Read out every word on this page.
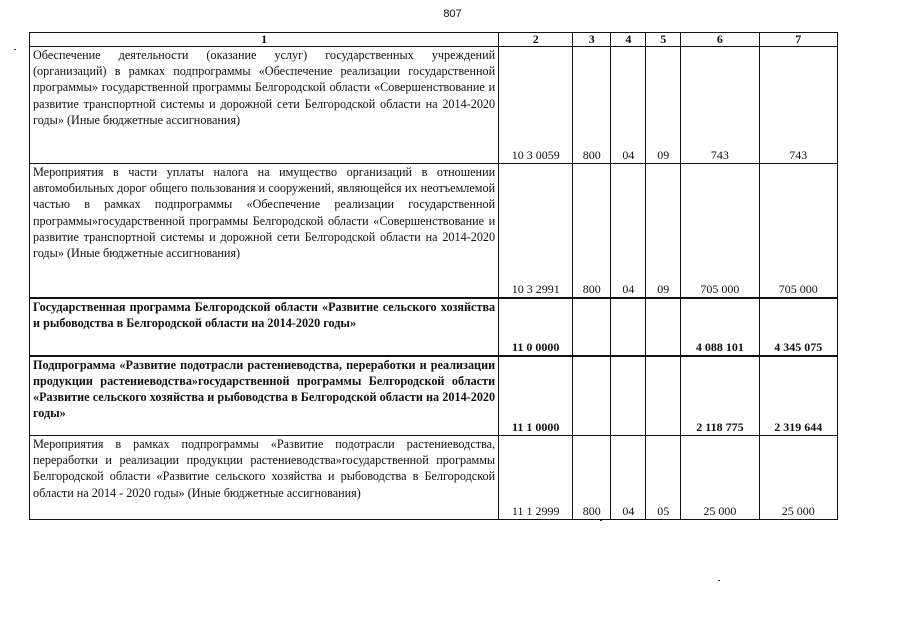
807
1	2	3	4	5	6	7
Обеспечение деятельности (оказание услуг) государственных учреждений (организаций) в рамках подпрограммы «Обеспечение реализации государственной программы» государственной программы Белгородской области «Совершенствование и развитие транспортной системы и дорожной сети Белгородской области на 2014-2020 годы» (Иные бюджетные ассигнования)	10 3 0059	800	04	09	743	743
Мероприятия в части уплаты налога на имущество организаций в отношении автомобильных дорог общего пользования и сооружений, являющейся их неотъемлемой частью в рамках подпрограммы «Обеспечение реализации государственной программы»государственной программы Белгородской области «Совершенствование и развитие транспортной системы и дорожной сети Белгородской области на 2014-2020 годы» (Иные бюджетные ассигнования)	10 3 2991	800	04	09	705 000	705 000
Государственная программа Белгородской области «Развитие сельского хозяйства и рыбоводства в Белгородской области на 2014-2020 годы»	11 0 0000				4 088 101	4 345 075
Подпрограмма «Развитие подотрасли растениеводства, переработки и реализации продукции растениеводства»государственной программы Белгородской области «Развитие сельского хозяйства и рыбоводства в Белгородской области на 2014-2020 годы»	11 1 0000				2 118 775	2 319 644
Мероприятия в рамках подпрограммы «Развитие подотрасли растениеводства, переработки и реализации продукции растениеводства»государственной программы Белгородской области «Развитие сельского хозяйства и рыбоводства в Белгородской области на 2014 - 2020 годы» (Иные бюджетные ассигнования)	11 1 2999	800	04	05	25 000	25 000
